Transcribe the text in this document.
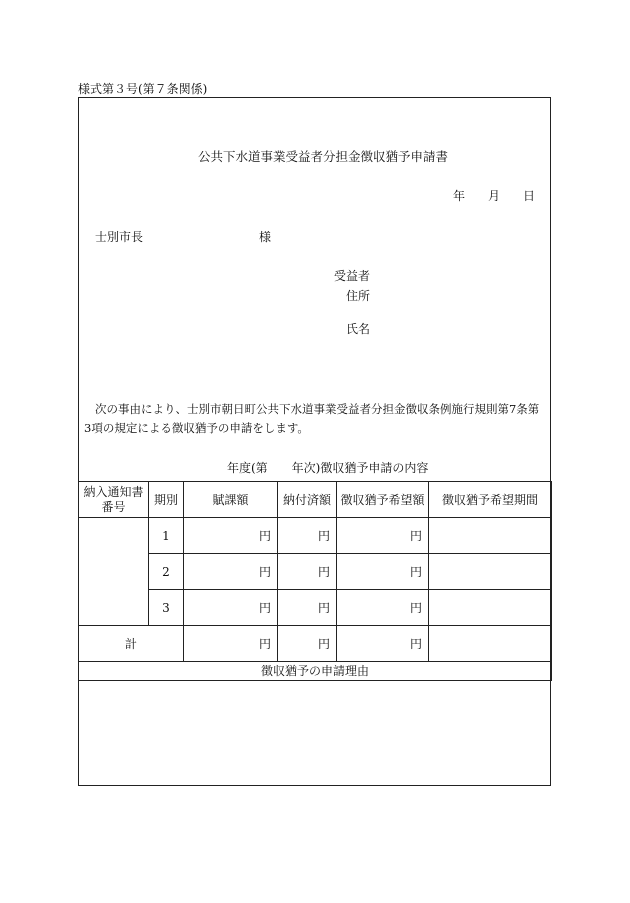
様式第３号(第７条関係)
公共下水道事業受益者分担金徴収猶予申請書
年 月 日
士別市長	様
受益者
住所
氏名
次の事由により、士別市朝日町公共下水道事業受益者分担金徴収条例施行規則第7条第
3項の規定による徴収猶予の申請をします。
年度(第　　年次)徴収猶予申請の内容
納入通知書
番号	期別	賦課額	納付済額	徴収猶予希望額	徴収猶予希望期間
	1	円	円	円	
	2	円	円	円	
	3	円	円	円	
計		円	円	円	
徴収猶予の申請理由					
